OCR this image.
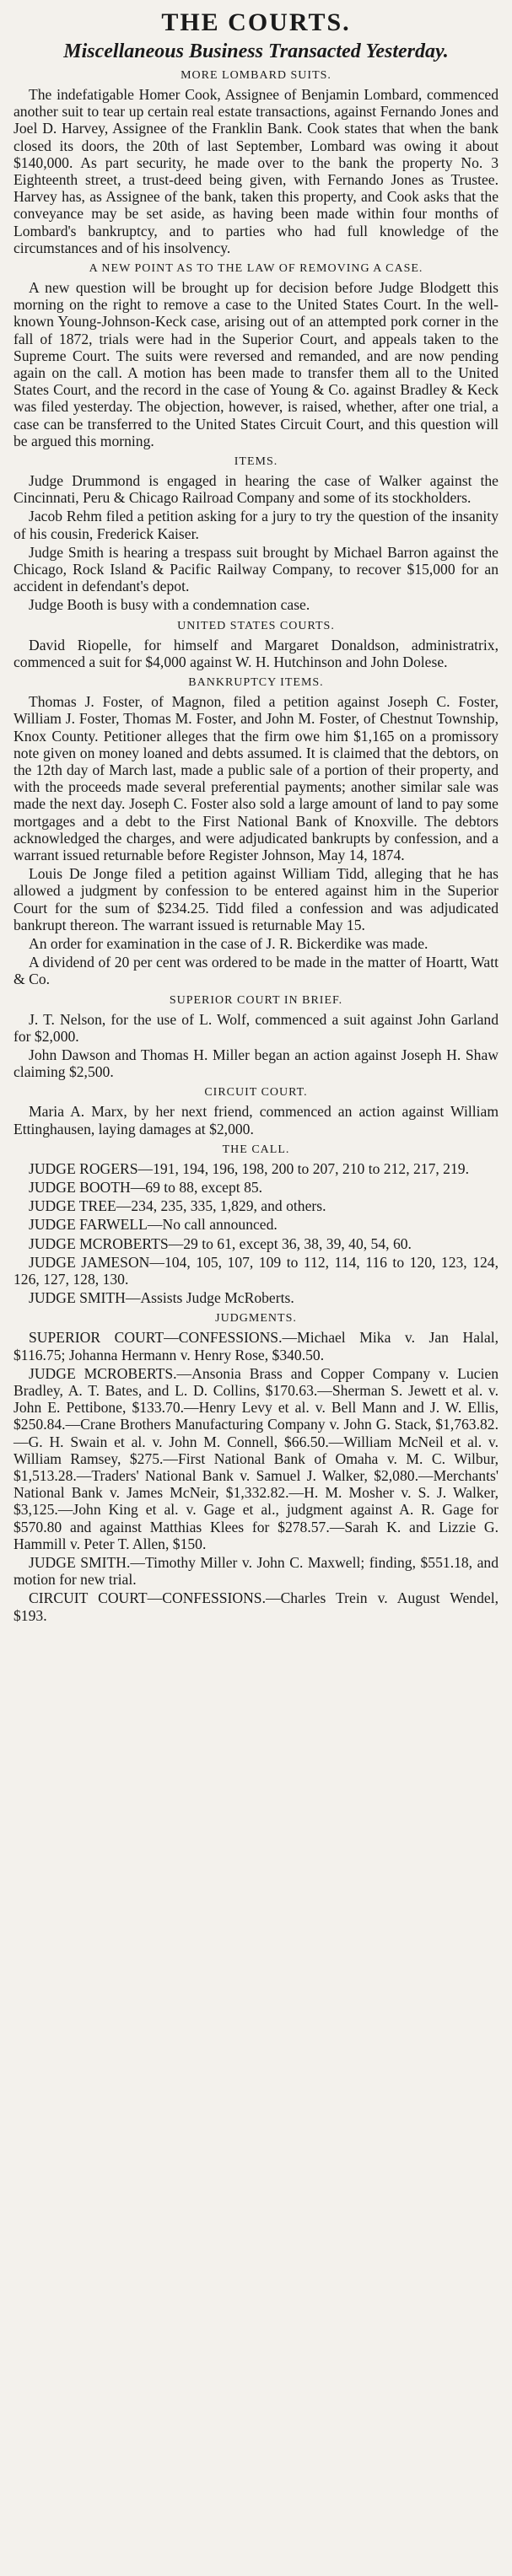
THE COURTS.
Miscellaneous Business Transacted Yesterday.
MORE LOMBARD SUITS.

The indefatigable Homer Cook, Assignee of Benjamin Lombard, commenced another suit to tear up certain real estate transactions, against Fernando Jones and Joel D. Harvey, Assignee of the Franklin Bank. Cook states that when the bank closed its doors, the 20th of last September, Lombard was owing it about $140,000. As part security, he made over to the bank the property No. 3 Eighteenth street, a trust-deed being given, with Fernando Jones as Trustee. Harvey has, as Assignee of the bank, taken this property, and Cook asks that the conveyance may be set aside, as having been made within four months of Lombard's bankruptcy, and to parties who had full knowledge of the circumstances and of his insolvency.

A NEW POINT AS TO THE LAW OF REMOVING A CASE.

A new question will be brought up for decision before Judge Blodgett this morning on the right to remove a case to the United States Court. In the well-known Young-Johnson-Keck case, arising out of an attempted pork corner in the fall of 1872, trials were had in the Superior Court, and appeals taken to the Supreme Court. The suits were reversed and remanded, and are now pending again on the call. A motion has been made to transfer them all to the United States Court, and the record in the case of Young & Co. against Bradley & Keck was filed yesterday. The objection, however, is raised, whether, after one trial, a case can be transferred to the United States Circuit Court, and this question will be argued this morning.

ITEMS.

Judge Drummond is engaged in hearing the case of Walker against the Cincinnati, Peru & Chicago Railroad Company and some of its stockholders.

Jacob Rehm filed a petition asking for a jury to try the question of the insanity of his cousin, Frederick Kaiser.

Judge Smith is hearing a trespass suit brought by Michael Barron against the Chicago, Rock Island & Pacific Railway Company, to recover $15,000 for an accident in defendant's depot.

Judge Booth is busy with a condemnation case.

UNITED STATES COURTS.

David Riopelle, for himself and Margaret Donaldson, administratrix, commenced a suit for $4,000 against W. H. Hutchinson and John Dolese.

BANKRUPTCY ITEMS.

Thomas J. Foster, of Magnon, filed a petition against Joseph C. Foster, William J. Foster, Thomas M. Foster, and John M. Foster, of Chestnut Township, Knox County. Petitioner alleges that the firm owe him $1,165 on a promissory note given on money loaned and debts assumed. It is claimed that the debtors, on the 12th day of March last, made a public sale of a portion of their property, and with the proceeds made several preferential payments; another similar sale was made the next day. Joseph C. Foster also sold a large amount of land to pay some mortgages and a debt to the First National Bank of Knoxville. The debtors acknowledged the charges, and were adjudicated bankrupts by confession, and a warrant issued returnable before Register Johnson, May 14, 1874.

Louis De Jonge filed a petition against William Tidd, alleging that he has allowed a judgment by confession to be entered against him in the Superior Court for the sum of $234.25. Tidd filed a confession and was adjudicated bankrupt thereon. The warrant issued is returnable May 15.

An order for examination in the case of J. R. Bickerdike was made.

A dividend of 20 per cent was ordered to be made in the matter of Hoartt, Watt & Co.

SUPERIOR COURT IN BRIEF.

J. T. Nelson, for the use of L. Wolf, commenced a suit against John Garland for $2,000.

John Dawson and Thomas H. Miller began an action against Joseph H. Shaw claiming $2,500.

CIRCUIT COURT.

Maria A. Marx, by her next friend, commenced an action against William Ettinghausen, laying damages at $2,000.

THE CALL.

JUDGE ROGERS—191, 194, 196, 198, 200 to 207, 210 to 212, 217, 219.

JUDGE BOOTH—69 to 88, except 85.

JUDGE TREE—234, 235, 335, 1,829, and others.

JUDGE FARWELL—No call announced.

JUDGE MCROBERTS—29 to 61, except 36, 38, 39, 40, 54, 60.

JUDGE JAMESON—104, 105, 107, 109 to 112, 114, 116 to 120, 123, 124, 126, 127, 128, 130.

JUDGE SMITH—Assists Judge McRoberts.

JUDGMENTS.

SUPERIOR COURT—CONFESSIONS.—Michael Mika v. Jan Halal, $116.75; Johanna Hermann v. Henry Rose, $340.50.

JUDGE MCROBERTS.—Ansonia Brass and Copper Company v. Lucien Bradley, A. T. Bates, and L. D. Collins, $170.63.—Sherman S. Jewett et al. v. John E. Pettibone, $133.70.—Henry Levy et al. v. Bell Mann and J. W. Ellis, $250.84.—Crane Brothers Manufacturing Company v. John G. Stack, $1,763.82.—G. H. Swain et al. v. John M. Connell, $66.50.—William McNeil et al. v. William Ramsey, $275.—First National Bank of Omaha v. M. C. Wilbur, $1,513.28.—Traders' National Bank v. Samuel J. Walker, $2,080.—Merchants' National Bank v. James McNeir, $1,332.82.—H. M. Mosher v. S. J. Walker, $3,125.—John King et al. v. Gage et al., judgment against A. R. Gage for $570.80 and against Matthias Klees for $278.57.—Sarah K. and Lizzie G. Hammill v. Peter T. Allen, $150.

JUDGE SMITH.—Timothy Miller v. John C. Maxwell; finding, $551.18, and motion for new trial.

CIRCUIT COURT—CONFESSIONS.—Charles Trein v. August Wendel, $193.
